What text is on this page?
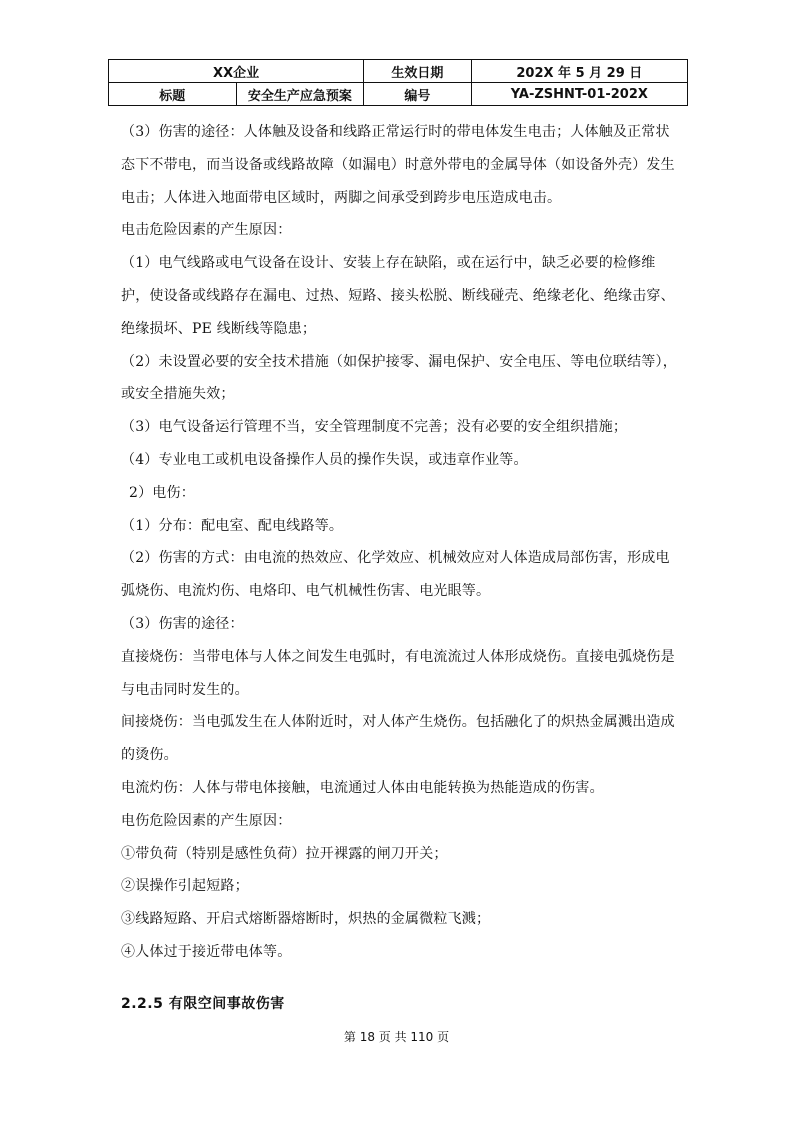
XX企业		生效日期	202X 年 5 月 29 日
标题	安全生产应急预案	编号	YA-ZSHNT-01-202X

（3）伤害的途径：人体触及设备和线路正常运行时的带电体发生电击；人体触及正常状态下不带电，而当设备或线路故障（如漏电）时意外带电的金属导体（如设备外壳）发生电击；人体进入地面带电区域时，两脚之间承受到跨步电压造成电击。

电击危险因素的产生原因：

（1）电气线路或电气设备在设计、安装上存在缺陷，或在运行中，缺乏必要的检修维护，使设备或线路存在漏电、过热、短路、接头松脱、断线碰壳、绝缘老化、绝缘击穿、绝缘损坏、PE 线断线等隐患；

（2）未设置必要的安全技术措施（如保护接零、漏电保护、安全电压、等电位联结等），或安全措施失效；

（3）电气设备运行管理不当，安全管理制度不完善；没有必要的安全组织措施；

（4）专业电工或机电设备操作人员的操作失误，或违章作业等。

2）电伤：

（1）分布：配电室、配电线路等。

（2）伤害的方式：由电流的热效应、化学效应、机械效应对人体造成局部伤害，形成电弧烧伤、电流灼伤、电烙印、电气机械性伤害、电光眼等。

（3）伤害的途径：

直接烧伤：当带电体与人体之间发生电弧时，有电流流过人体形成烧伤。直接电弧烧伤是与电击同时发生的。

间接烧伤：当电弧发生在人体附近时，对人体产生烧伤。包括融化了的炽热金属溅出造成的烫伤。

电流灼伤：人体与带电体接触，电流通过人体由电能转换为热能造成的伤害。

电伤危险因素的产生原因：

①带负荷（特别是感性负荷）拉开裸露的闸刀开关；

②误操作引起短路；

③线路短路、开启式熔断器熔断时，炽热的金属微粒飞溅；

④人体过于接近带电体等。

2.2.5 有限空间事故伤害
第 18 页 共 110 页
